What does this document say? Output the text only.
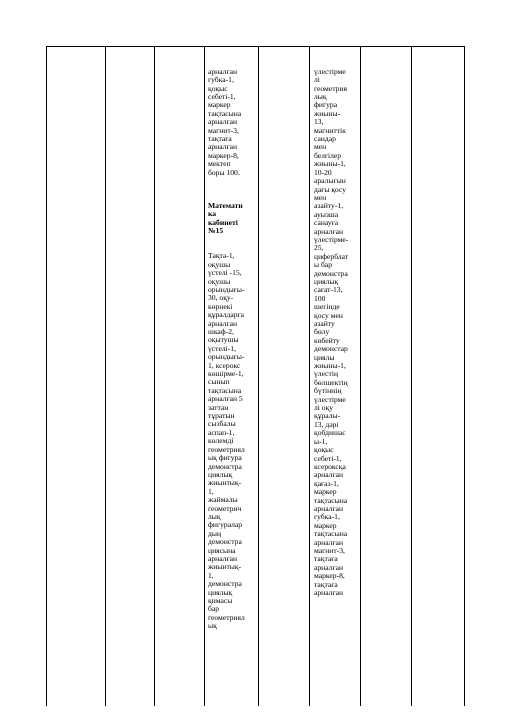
арналған
губка-1,
қоқыс
себеті-1,
маркер
тақтасына
арналған
магнит-3,
тақтаға
арналған
маркер-8,
мектеп
боры 100.

Математи
ка
кабинеті
№15

Тақта-1,
оқушы
үстелі -15,
оқушы
орындығы-
30, оқу-
көрнекі
құралдарға
арналған
шкаф-2,
оқытушы
үстелі-1,
орындығы-
1, ксерокс
көшірме-1,
сынып
тақтасына
арналған 5
заттан
тұратын
сызбалы
аспап-1,
көлемді
геометриял
ық фигура
демонстра
циялық
жиынтық-
1,
жаймалы
геометрич
лық
фигуралар
дың
демонстра
циясына
арналған
жиынтық-
1,
демонстра
циялық
қимасы
бар
геометриял
ық

үлестірме
лі
геометрия
лық
фигура
жиыны-
13,
магниттік
сандар
мен
белгілер
жиыны-1,
10-20
аралығын
дағы қосу
мен
азайту-1,
ауызша
санауға
арналған
үлестірме-
25,
циферблат
ы бар
демонстра
циялық
сағат-13,
100
шегінде
қосу мен
азайту
бөлу
көбейту
демонстар
циялы
жиыны-1,
үлестің
бөлшектің
бүтіннің
үлестірме
лі оқу
құралы-
13, дәрі
қобдишас
ы-1,
қоқыс
себеті-1,
ксероксқа
арналған
қағаз-1,
маркер
тақтасына
арналған
губка-1,
маркер
тақтасына
арналған
магнит-3,
тақтаға
арналған
маркер-8,
тақтаға
арналған
